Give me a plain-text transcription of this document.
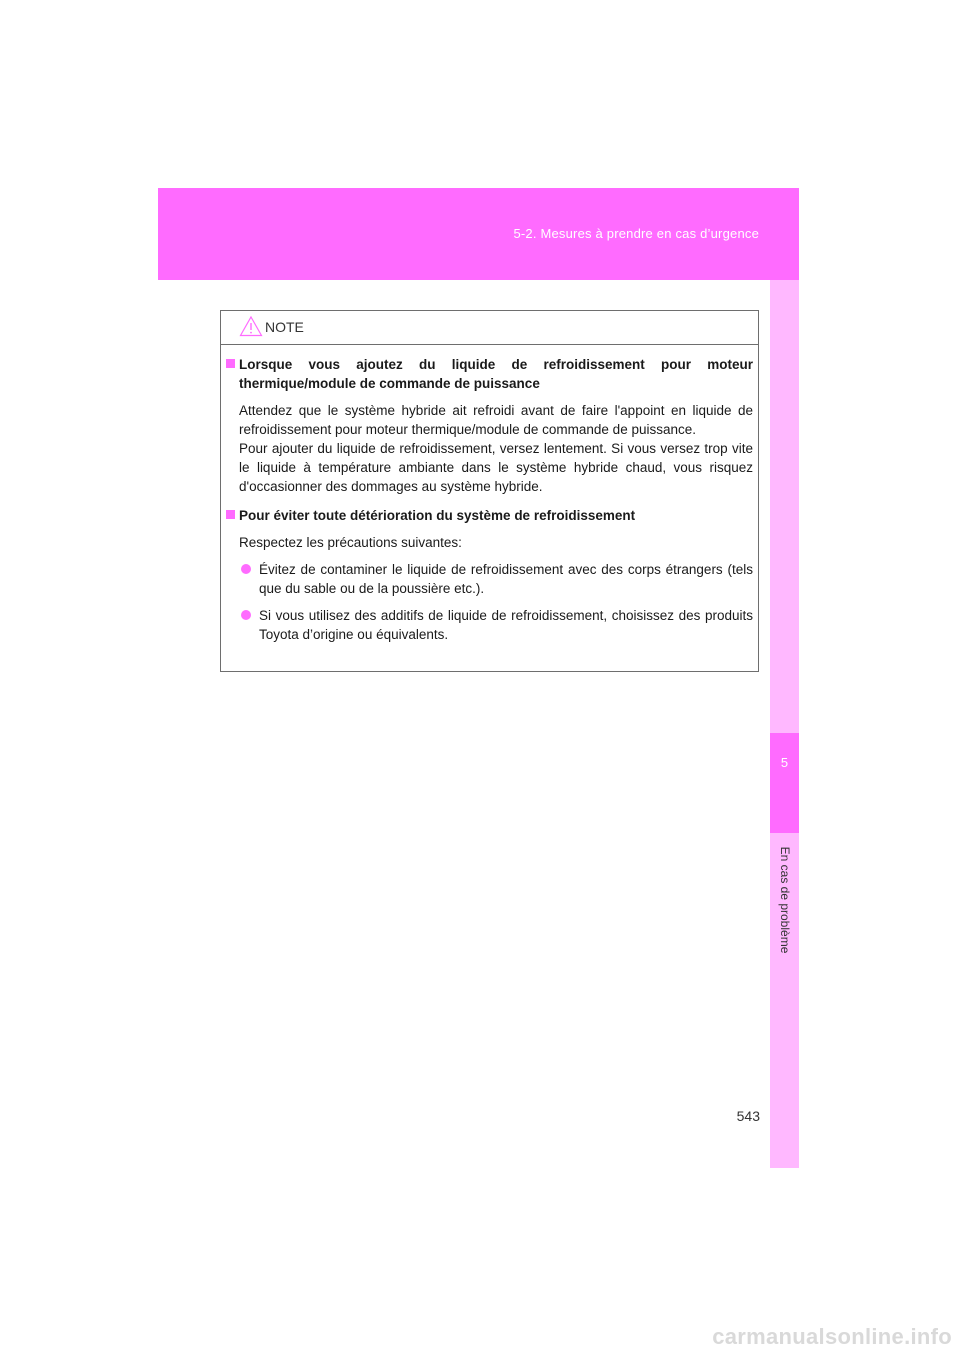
5-2. Mesures à prendre en cas d’urgence
5
En cas de problème
NOTE
Lorsque vous ajoutez du liquide de refroidissement pour moteur thermique/module de commande de puissance
Attendez que le système hybride ait refroidi avant de faire l'appoint en liquide de refroidissement pour moteur thermique/module de commande de puissance.
Pour ajouter du liquide de refroidissement, versez lentement. Si vous versez trop vite le liquide à température ambiante dans le système hybride chaud, vous risquez d'occasionner des dommages au système hybride.
Pour éviter toute détérioration du système de refroidissement
Respectez les précautions suivantes:
Évitez de contaminer le liquide de refroidissement avec des corps étrangers (tels que du sable ou de la poussière etc.).
Si vous utilisez des additifs de liquide de refroidissement, choisissez des produits Toyota d’origine ou équivalents.
543
carmanualsonline.info
